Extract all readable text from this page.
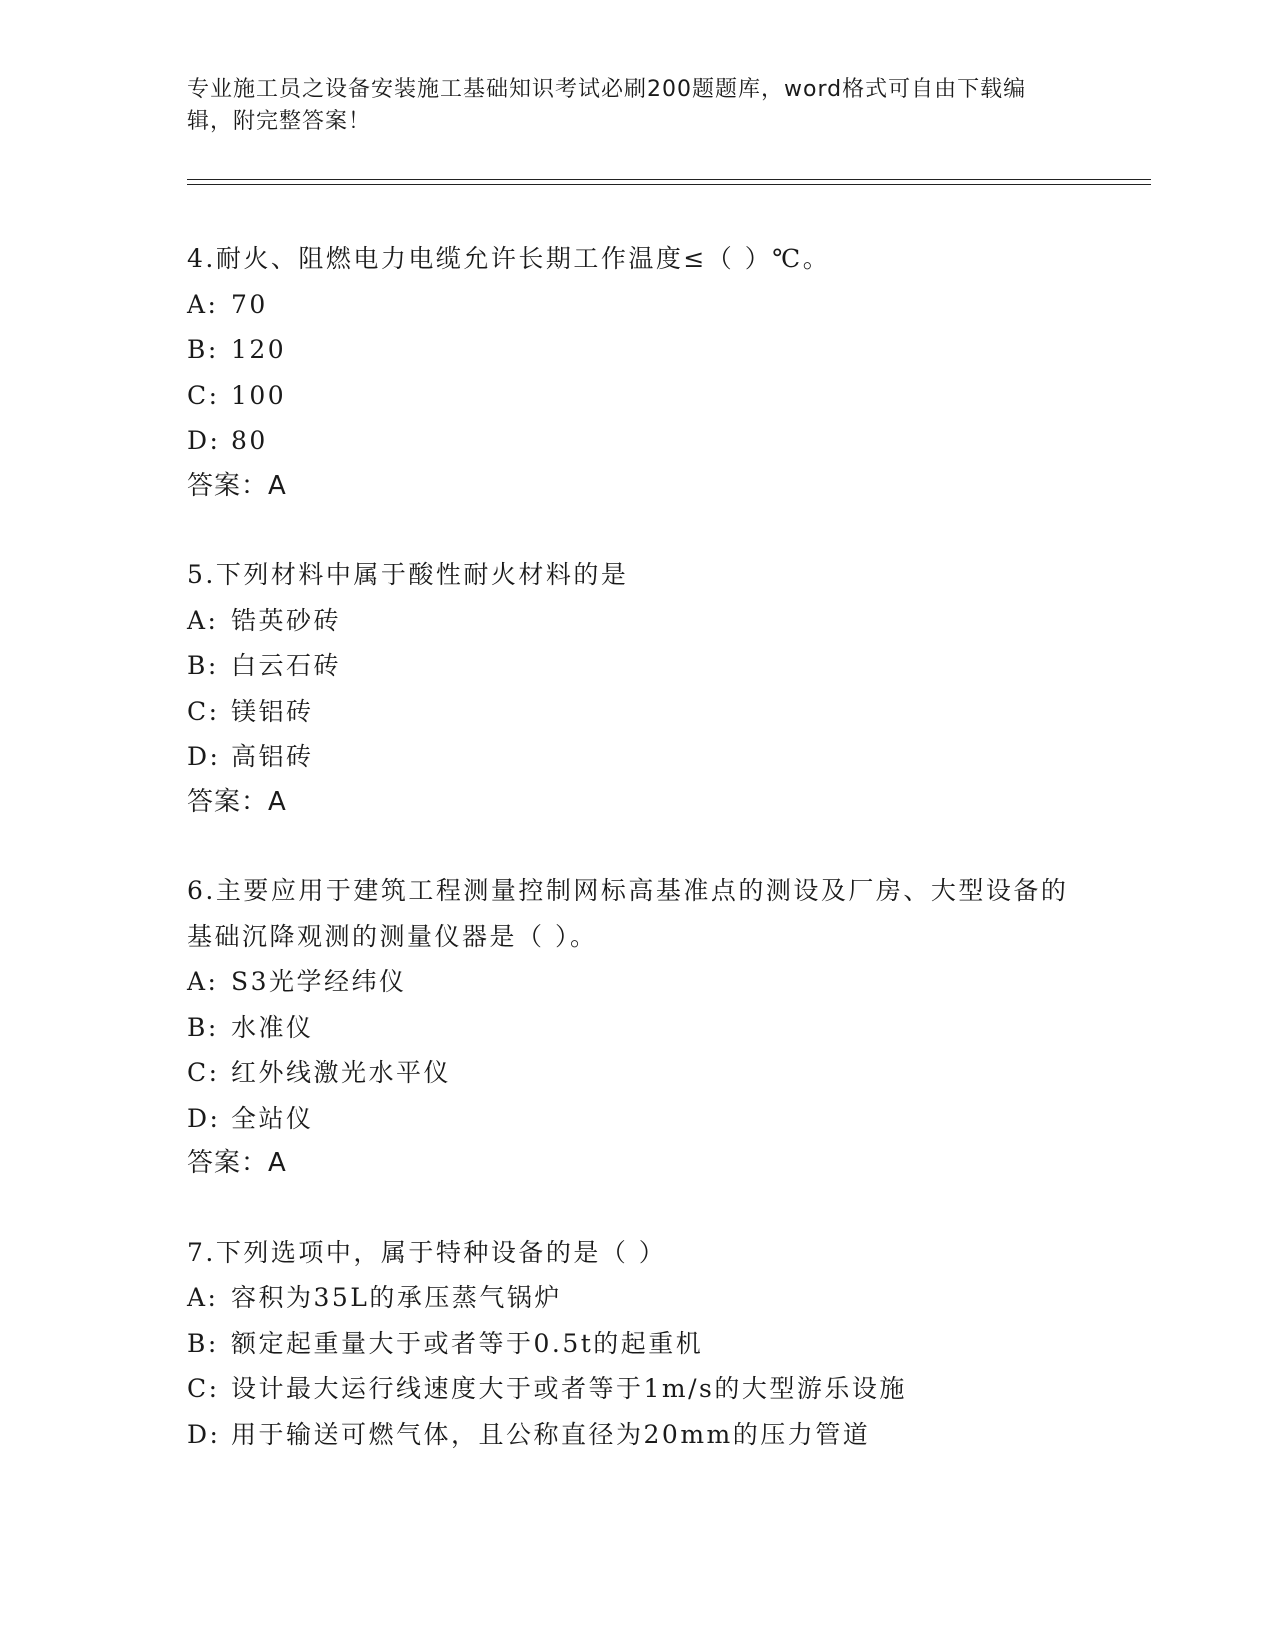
专业施工员之设备安装施工基础知识考试必刷200题题库，word格式可自由下载编辑，附完整答案！
4.耐火、阻燃电力电缆允许长期工作温度≤（ ）℃。
A: 70
B: 120
C: 100
D: 80
答案：A
5.下列材料中属于酸性耐火材料的是
A: 锆英砂砖
B: 白云石砖
C: 镁铝砖
D: 高铝砖
答案：A
6.主要应用于建筑工程测量控制网标高基准点的测设及厂房、大型设备的基础沉降观测的测量仪器是（ ）。
A: S3光学经纬仪
B: 水准仪
C: 红外线激光水平仪
D: 全站仪
答案：A
7.下列选项中，属于特种设备的是（ ）
A: 容积为35L的承压蒸气锅炉
B: 额定起重量大于或者等于0.5t的起重机
C: 设计最大运行线速度大于或者等于1m/s的大型游乐设施
D: 用于输送可燃气体，且公称直径为20mm的压力管道
